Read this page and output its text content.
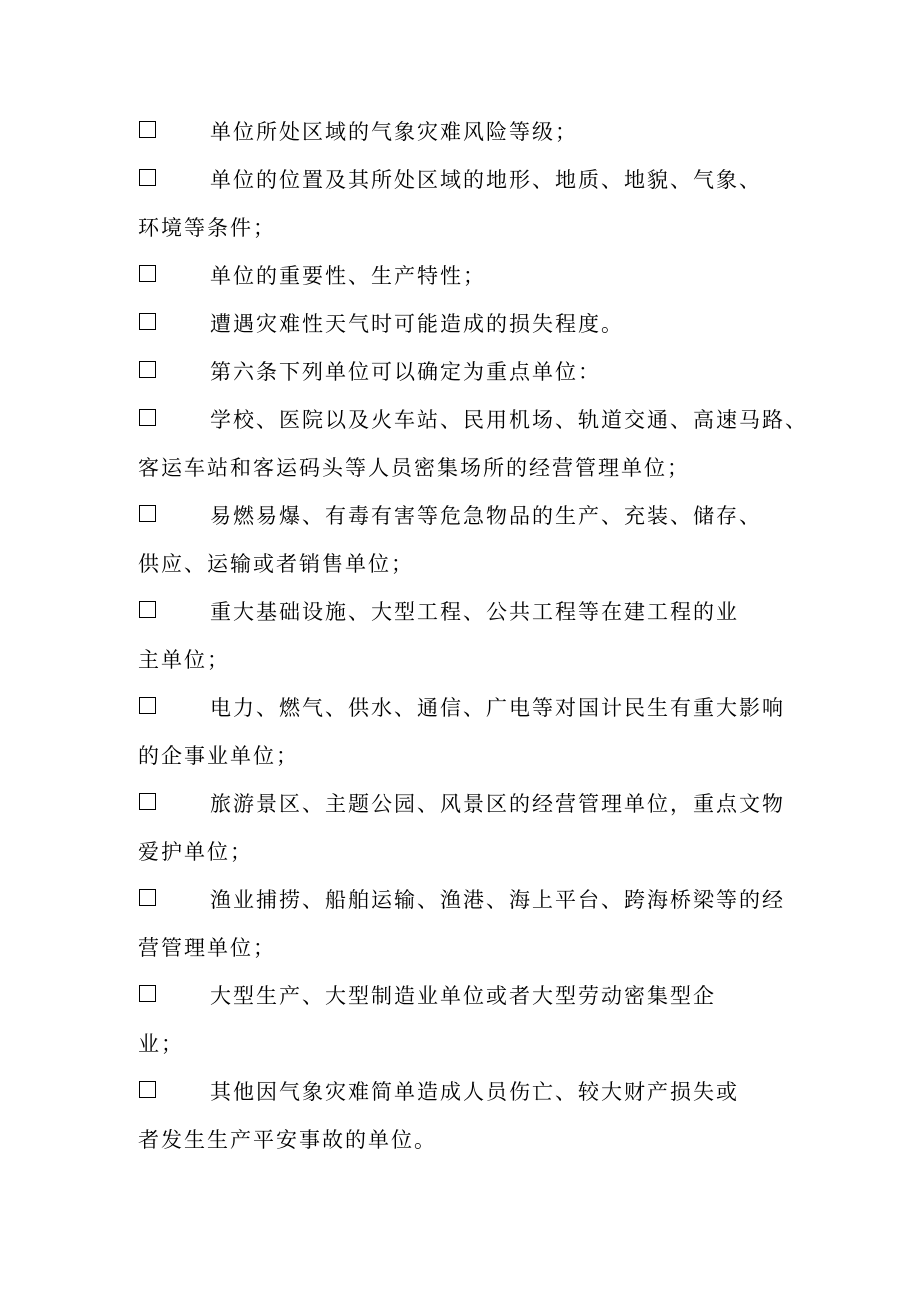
单位所处区域的气象灾难风险等级；
单位的位置及其所处区域的地形、地质、地貌、气象、
环境等条件；
单位的重要性、生产特性；
遭遇灾难性天气时可能造成的损失程度。
第六条下列单位可以确定为重点单位：
学校、医院以及火车站、民用机场、轨道交通、高速马路、
客运车站和客运码头等人员密集场所的经营管理单位；
易燃易爆、有毒有害等危急物品的生产、充装、储存、
供应、运输或者销售单位；
重大基础设施、大型工程、公共工程等在建工程的业
主单位；
电力、燃气、供水、通信、广电等对国计民生有重大影响
的企事业单位；
旅游景区、主题公园、风景区的经营管理单位，重点文物
爱护单位；
渔业捕捞、船舶运输、渔港、海上平台、跨海桥梁等的经
营管理单位；
大型生产、大型制造业单位或者大型劳动密集型企
业；
其他因气象灾难简单造成人员伤亡、较大财产损失或
者发生生产平安事故的单位。
